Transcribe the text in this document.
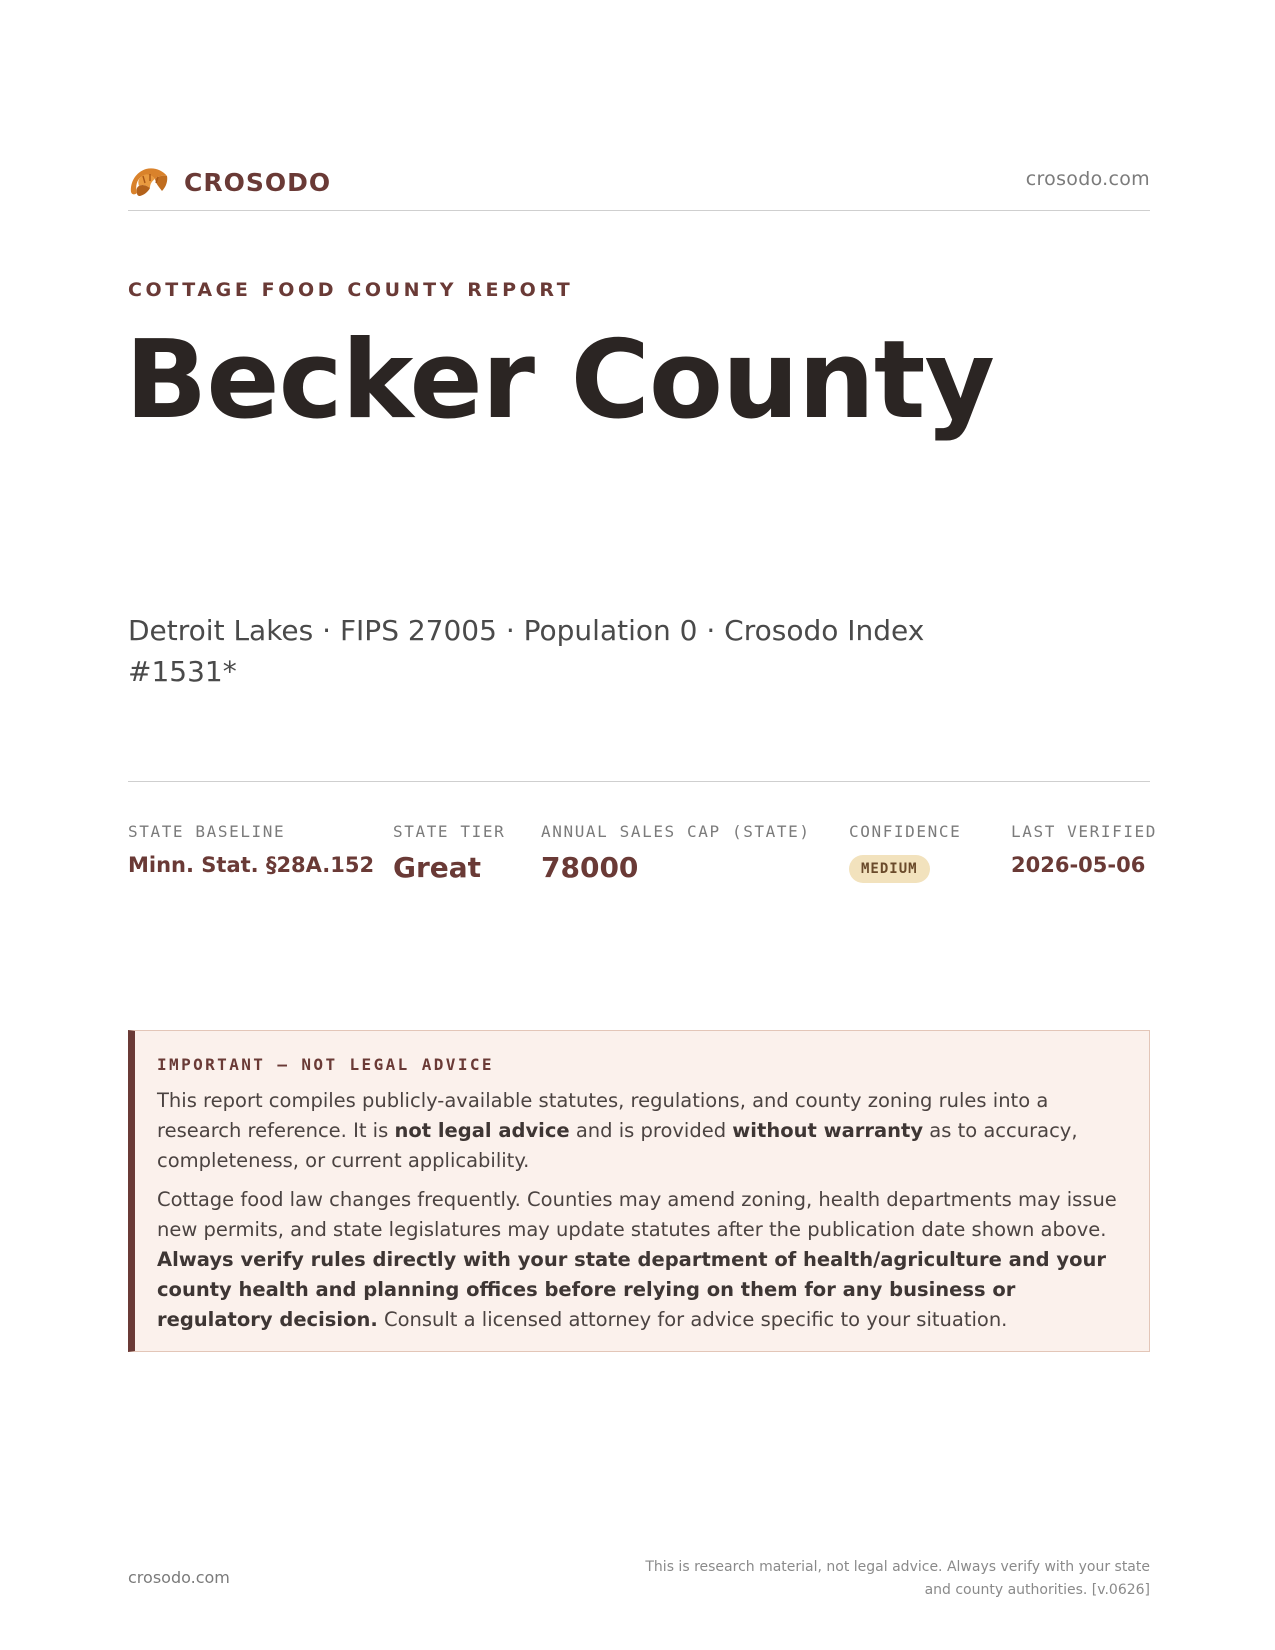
CROSODO	crosodo.com
COTTAGE FOOD COUNTY REPORT
Becker County
Detroit Lakes · FIPS 27005 · Population 0 · Crosodo Index #1531*
STATE BASELINE
Minn. Stat. §28A.152
STATE TIER
Great
ANNUAL SALES CAP (STATE)
78000
CONFIDENCE
MEDIUM
LAST VERIFIED
2026-05-06
IMPORTANT — NOT LEGAL ADVICE

This report compiles publicly-available statutes, regulations, and county zoning rules into a research reference. It is not legal advice and is provided without warranty as to accuracy, completeness, or current applicability.

Cottage food law changes frequently. Counties may amend zoning, health departments may issue new permits, and state legislatures may update statutes after the publication date shown above. Always verify rules directly with your state department of health/agriculture and your county health and planning offices before relying on them for any business or regulatory decision. Consult a licensed attorney for advice specific to your situation.

crosodo.com
This is research material, not legal advice. Always verify with your state and county authorities. [v.0626]
